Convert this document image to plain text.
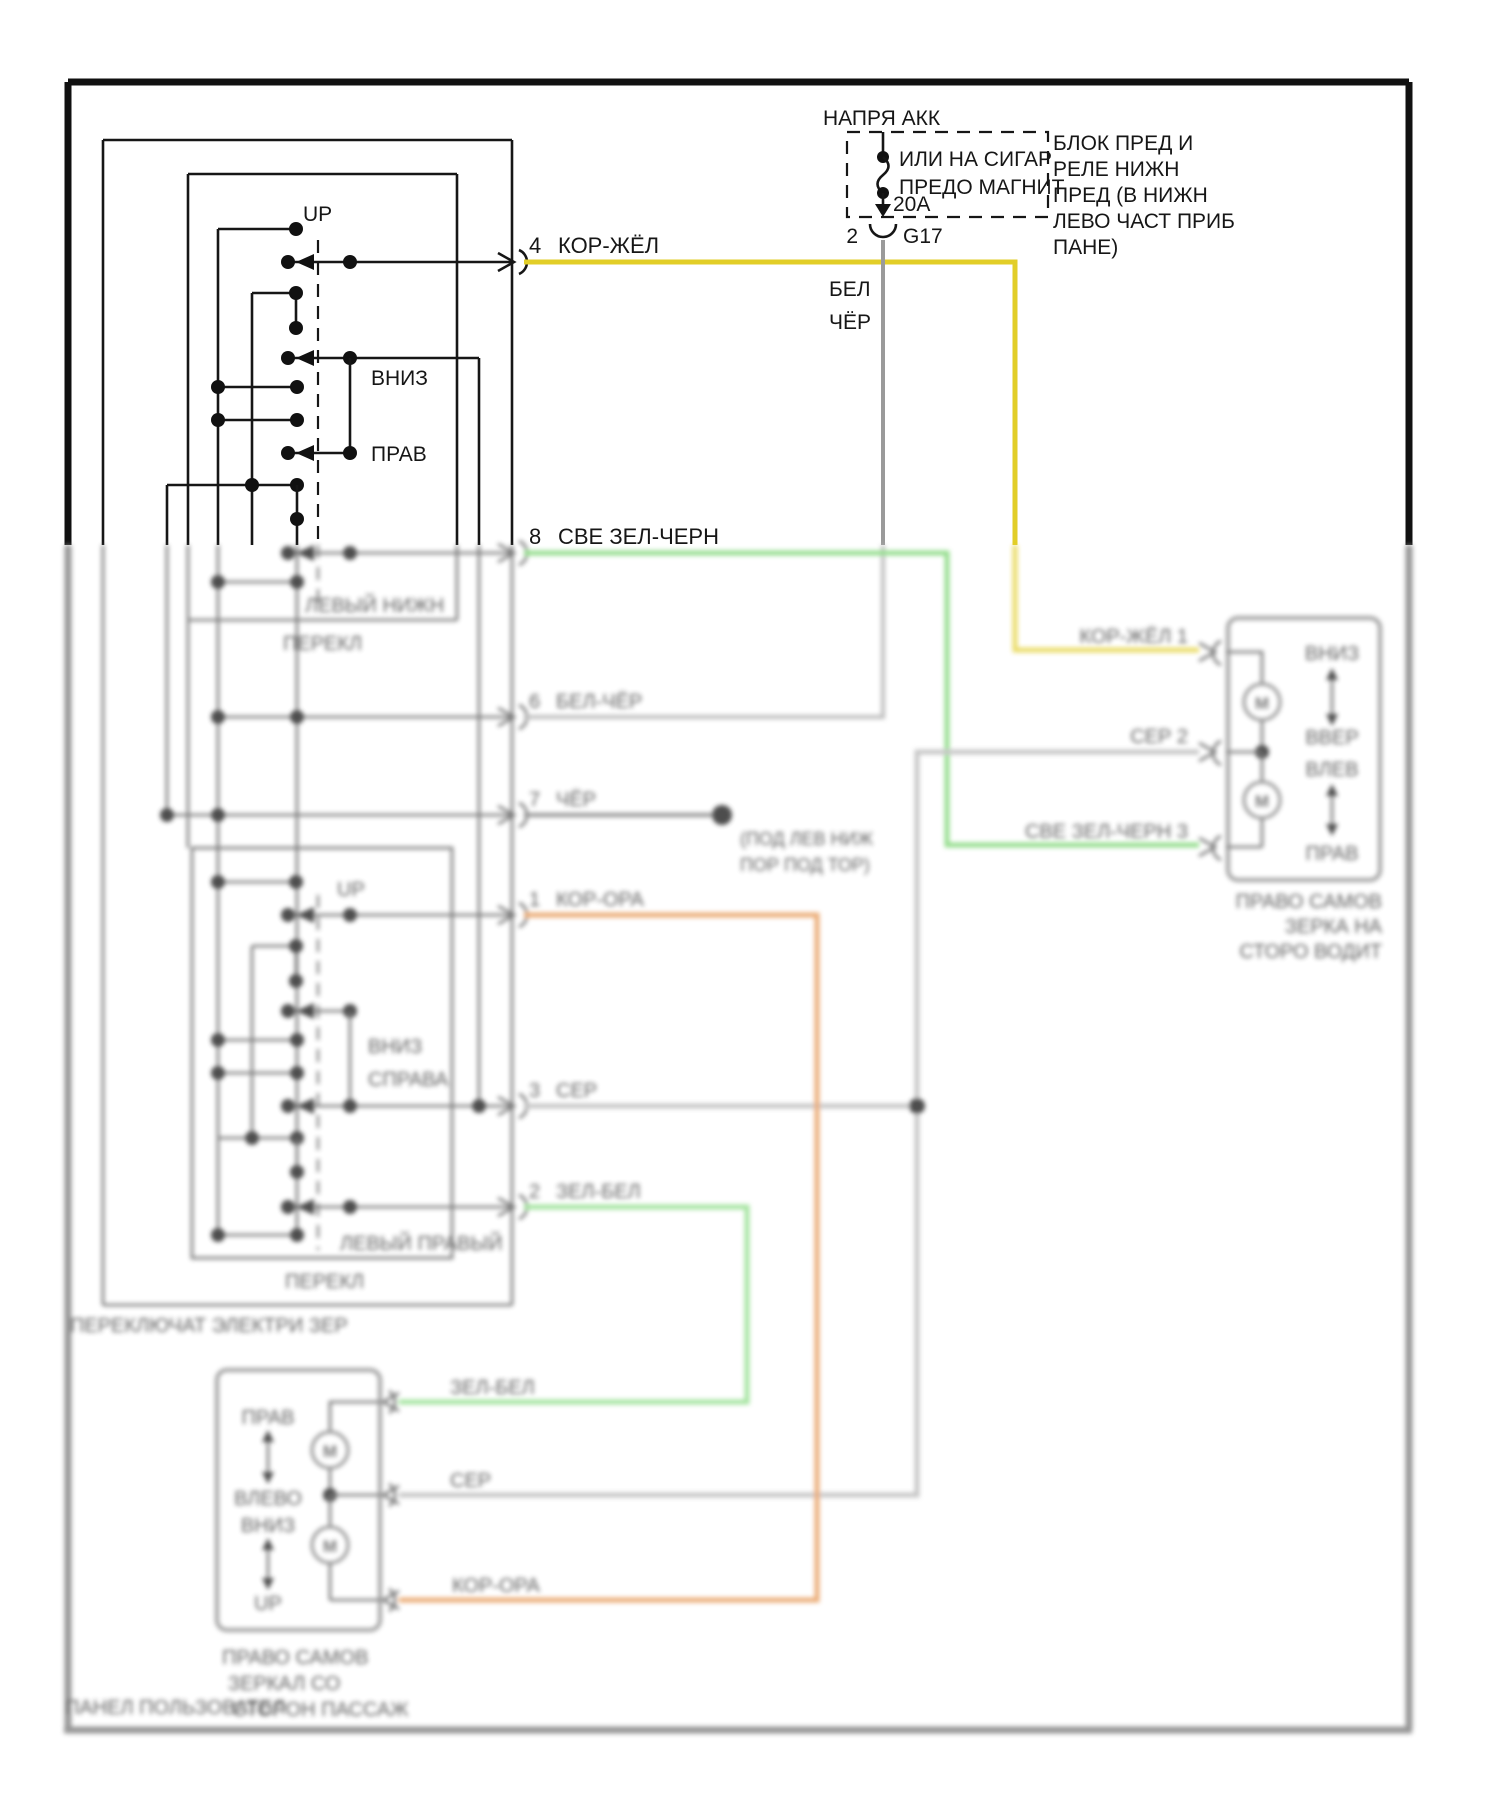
UP
ВНИЗ
ПРАВ
4 КОР-ЖЁЛ
8 СВЕ ЗЕЛ-ЧЕРН
НАПРЯ АКК
20А
ИЛИ НА СИГАР
ПРЕДО МАГНИТ
2 G17
БЛОК ПРЕД И
РЕЛЕ НИЖН
ПРЕД (В НИЖН
ЛЕВО ЧАСТ ПРИБ
ПАНЕ)
БЕЛ
ЧЁР
ПЕРЕКЛЮЧАТ ЭЛЕКТРИ ЗЕР
ЛЕВЫЙ НИЖН
ПЕРЕКЛ
6 БЕЛ-ЧЁР
7 ЧЁР
(ПОД ЛЕВ НИЖ
ПОР ПОД ТОР)
UP
ВНИЗ
СПРАВА
ЛЕВЫЙ ПРАВЫЙ
ПЕРЕКЛ
1 КОР-ОРА
3 СЕР
2 ЗЕЛ-БЕЛ
КОР-ЖЁЛ 1
СЕР 2
СВЕ ЗЕЛ-ЧЕРН 3
M
M
ВНИЗ
ВВЕР
ВЛЕВ
ПРАВ
ПРАВО САМОВ
ЗЕРКА НА
СТОРО ВОДИТ
ЗЕЛ-БЕЛ
СЕР
КОР-ОРА
M
M
ПРАВ
ВЛЕВО
ВНИЗ
UP
ПРАВО САМОВ
ЗЕРКАЛ СО
СТОРОН ПАССАЖ
ПАНЕЛ ПОЛЬЗОВАТЕЛ
